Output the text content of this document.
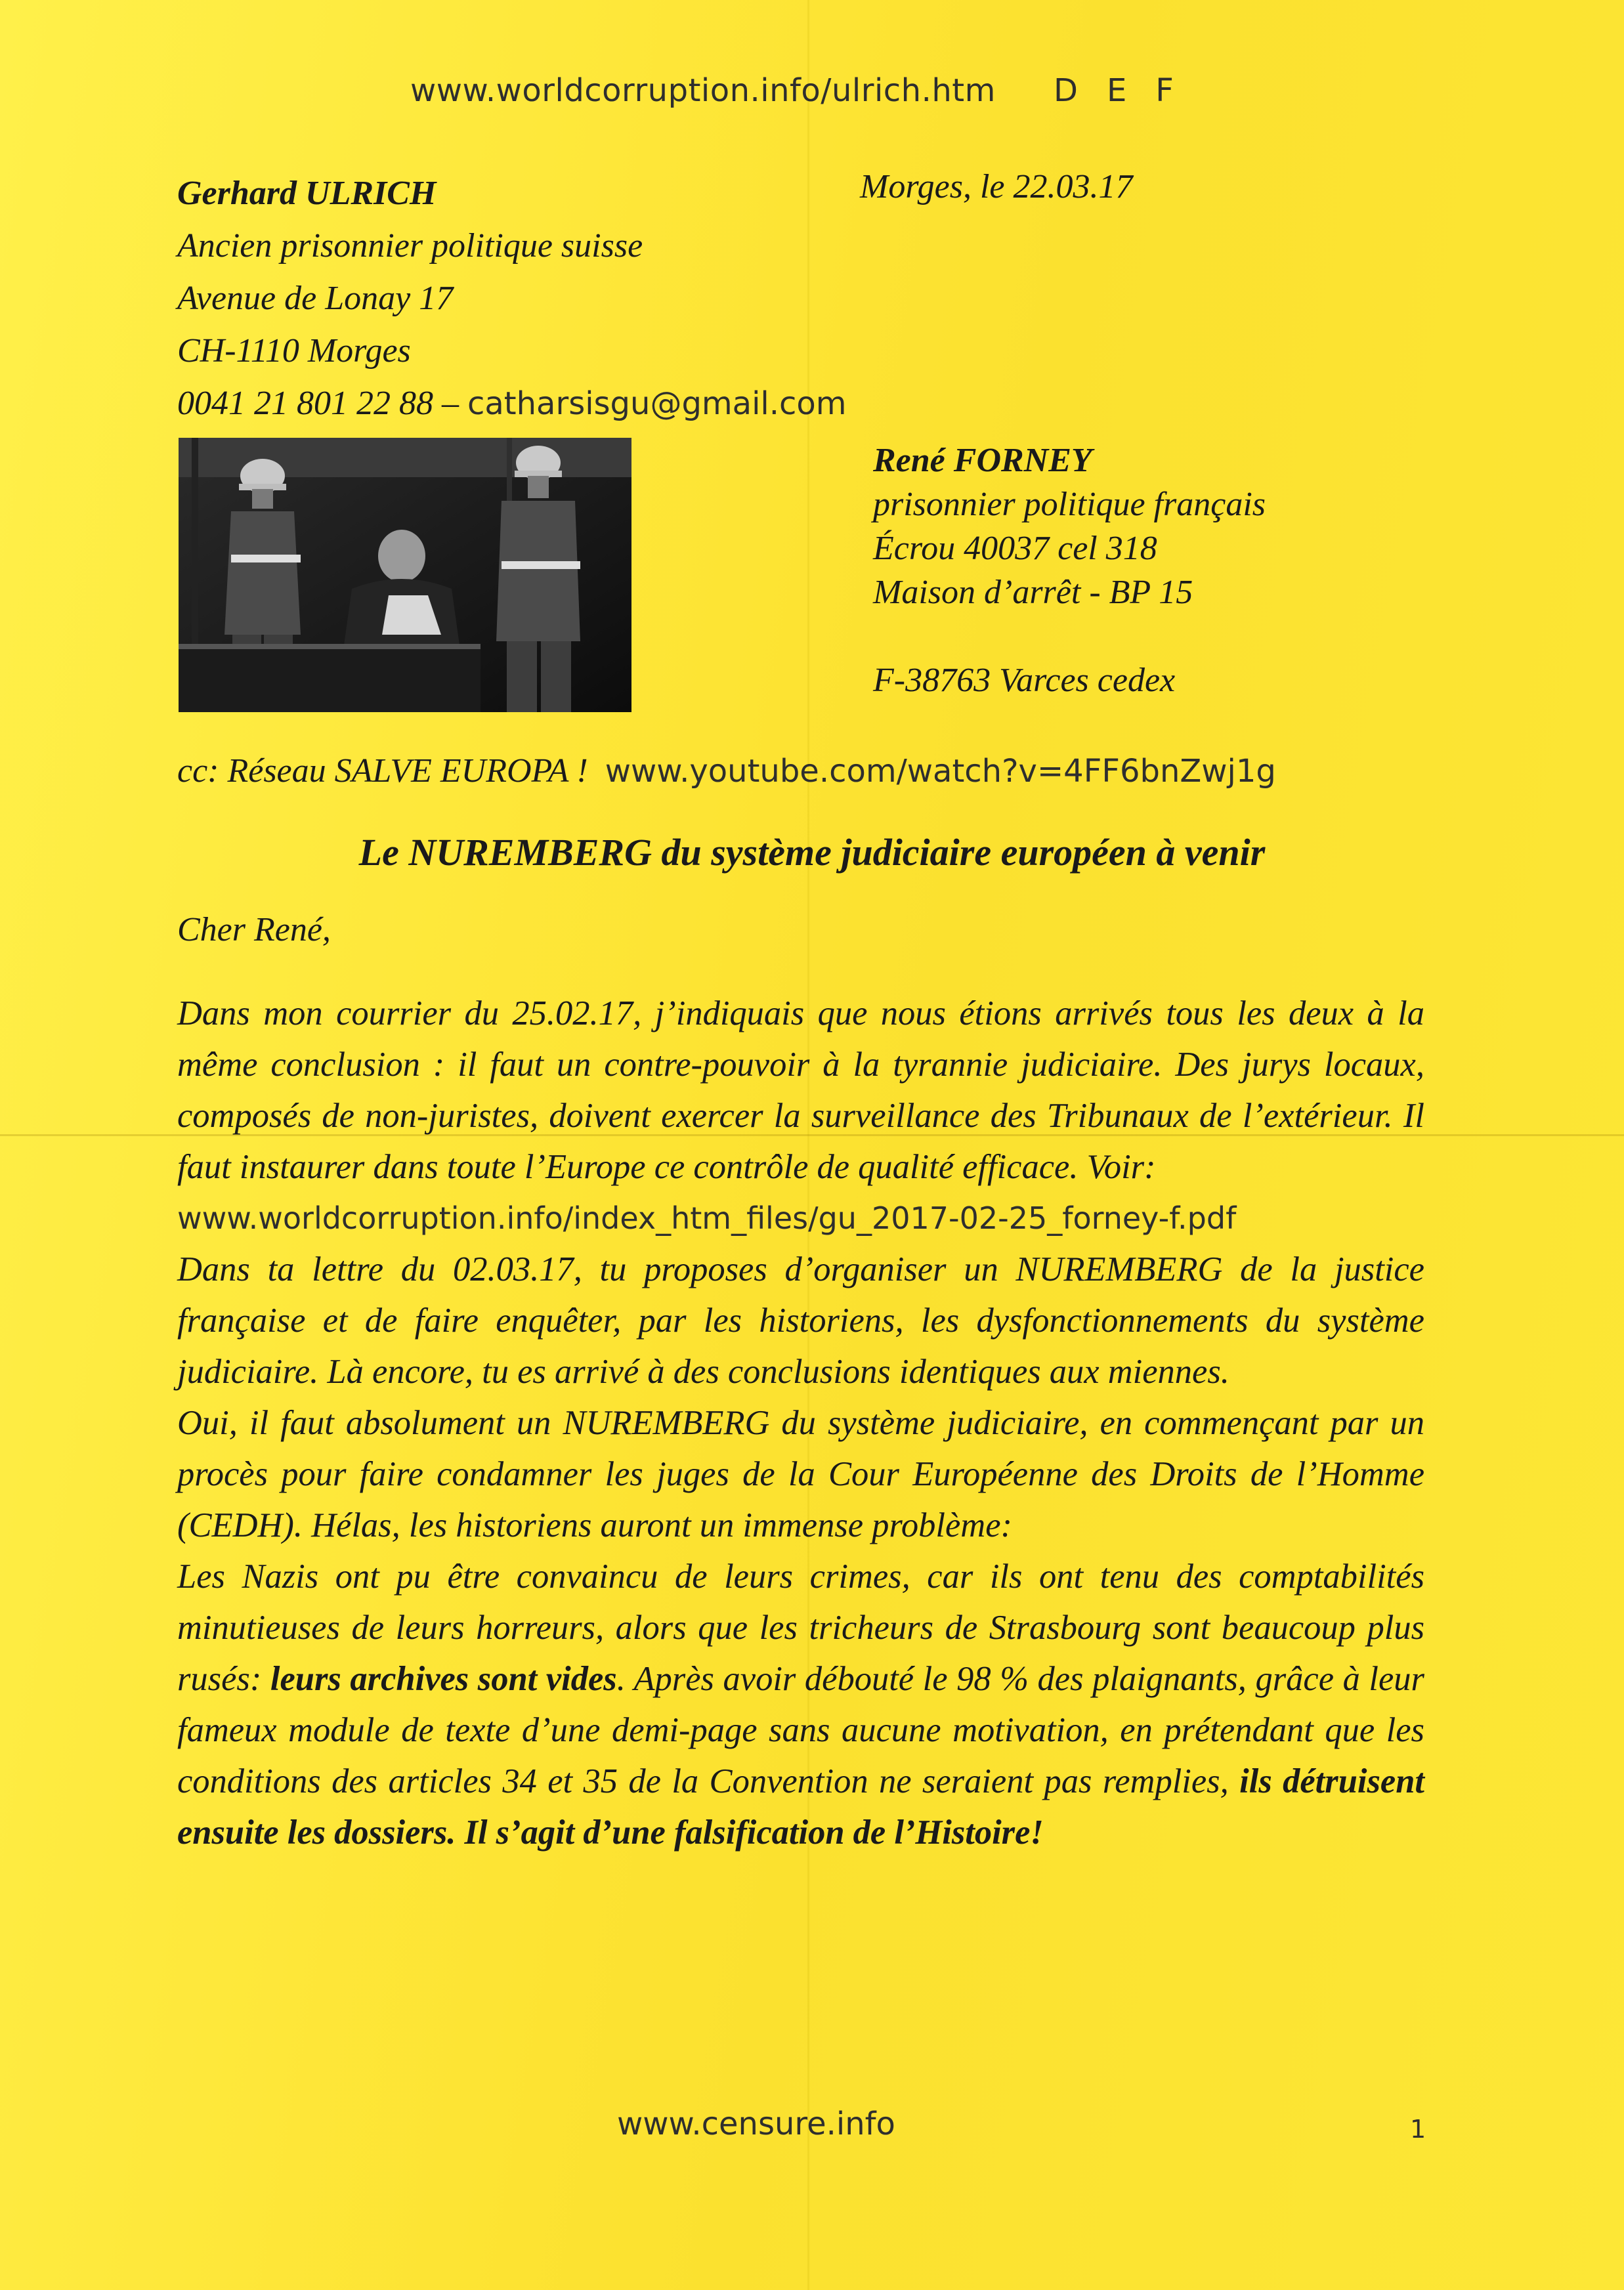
www.worldcorruption.info/ulrich.htm D E F
Gerhard ULRICH
Ancien prisonnier politique suisse
Avenue de Lonay 17
CH-1110 Morges
0041 21 801 22 88 – catharsisgu@gmail.com
Morges, le 22.03.17
René FORNEY
prisonnier politique français
Écrou 40037 cel 318
Maison d’arrêt - BP 15
F-38763 Varces cedex
cc: Réseau SALVE EUROPA ! www.youtube.com/watch?v=4FF6bnZwj1g
Le NUREMBERG du système judiciaire européen à venir
Cher René,

Dans mon courrier du 25.02.17, j’indiquais que nous étions arrivés tous les deux à la même conclusion : il faut un contre-pouvoir à la tyrannie judiciaire. Des jurys locaux, composés de non-juristes, doivent exercer la surveillance des Tribunaux de l’extérieur. Il faut instaurer dans toute l’Europe ce contrôle de qualité efficace. Voir:

www.worldcorruption.info/index_htm_files/gu_2017-02-25_forney-f.pdf

Dans ta lettre du 02.03.17, tu proposes d’organiser un NUREMBERG de la justice française et de faire enquêter, par les historiens, les dysfonctionnements du système judiciaire. Là encore, tu es arrivé à des conclusions identiques aux miennes.

Oui, il faut absolument un NUREMBERG du système judiciaire, en commençant par un procès pour faire condamner les juges de la Cour Européenne des Droits de l’Homme (CEDH). Hélas, les historiens auront un immense problème:

Les Nazis ont pu être convaincu de leurs crimes, car ils ont tenu des comptabilités minutieuses de leurs horreurs, alors que les tricheurs de Strasbourg sont beaucoup plus rusés: leurs archives sont vides. Après avoir débouté le 98 % des plaignants, grâce à leur fameux module de texte d’une demi-page sans aucune motivation, en prétendant que les conditions des articles 34 et 35 de la Convention ne seraient pas remplies, ils détruisent ensuite les dossiers. Il s’agit d’une falsification de l’Histoire!

www.censure.info	1
